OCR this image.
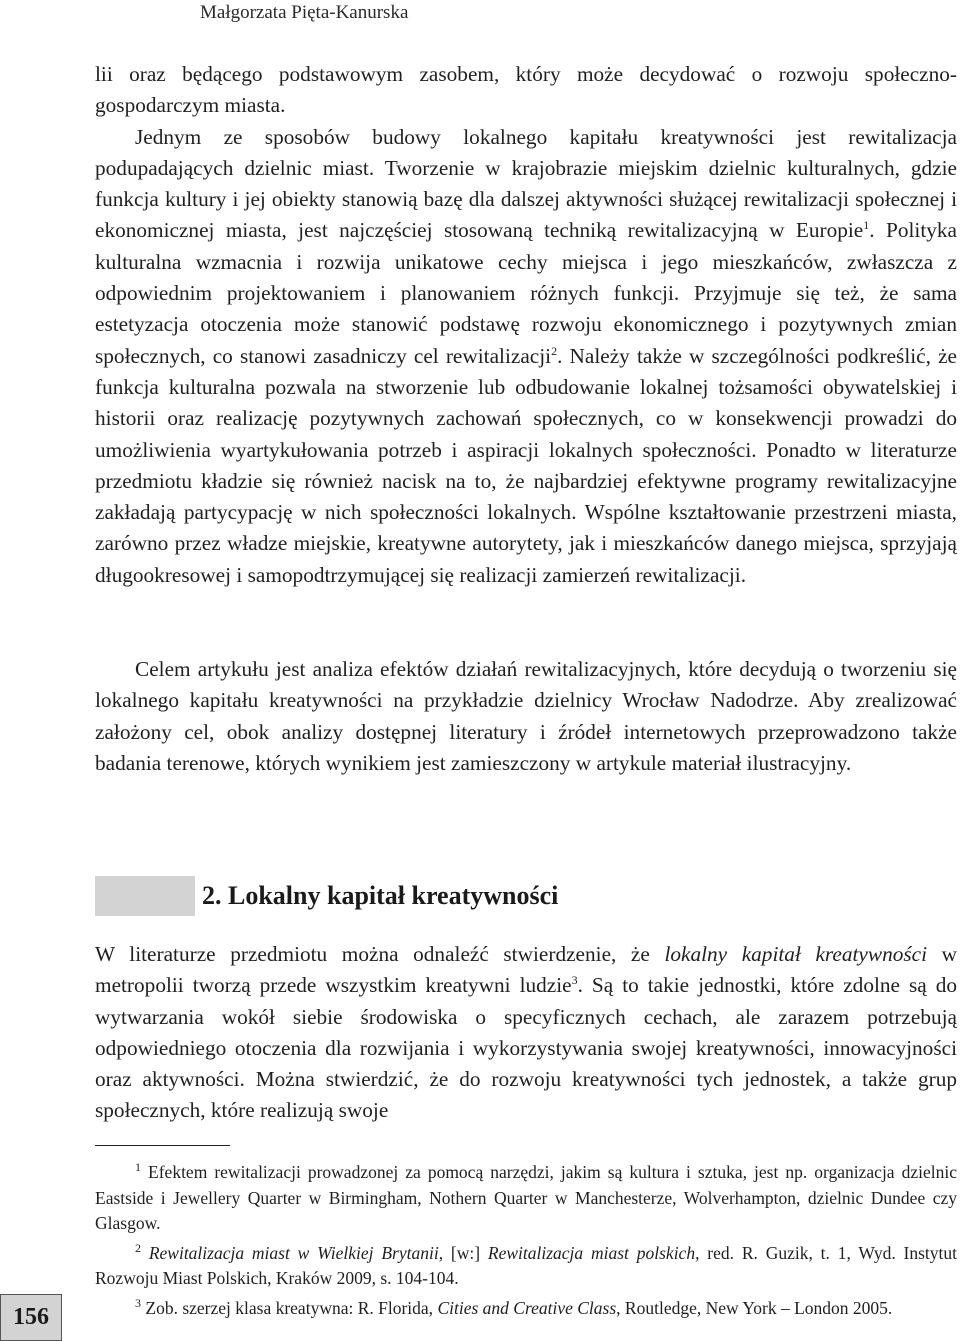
Małgorzata Pięta-Kanurska

lii oraz będącego podstawowym zasobem, który może decydować o rozwoju społeczno-gospodarczym miasta.

Jednym ze sposobów budowy lokalnego kapitału kreatywności jest rewitalizacja podupadających dzielnic miast. Tworzenie w krajobrazie miejskim dzielnic kulturalnych, gdzie funkcja kultury i jej obiekty stanowią bazę dla dalszej aktywności służącej rewitalizacji społecznej i ekonomicznej miasta, jest najczęściej stosowaną techniką rewitalizacyjną w Europie$^1$. Polityka kulturalna wzmacnia i rozwija unikatowe cechy miejsca i jego mieszkańców, zwłaszcza z odpowiednim projektowaniem i planowaniem różnych funkcji. Przyjmuje się też, że sama estetyzacja otoczenia może stanowić podstawę rozwoju ekonomicznego i pozytywnych zmian społecznych, co stanowi zasadniczy cel rewitalizacji$^2$. Należy także w szczególności podkreślić, że funkcja kulturalna pozwala na stworzenie lub odbudowanie lokalnej tożsamości obywatelskiej i historii oraz realizację pozytywnych zachowań społecznych, co w konsekwencji prowadzi do umożliwienia wyartykułowania potrzeb i aspiracji lokalnych społeczności. Ponadto w literaturze przedmiotu kładzie się również nacisk na to, że najbardziej efektywne programy rewitalizacyjne zakładają partycypację w nich społeczności lokalnych. Wspólne kształtowanie przestrzeni miasta, zarówno przez władze miejskie, kreatywne autorytety, jak i mieszkańców danego miejsca, sprzyjają długookresowej i samopodtrzymującej się realizacji zamierzeń rewitalizacji.

Celem artykułu jest analiza efektów działań rewitalizacyjnych, które decydują o tworzeniu się lokalnego kapitału kreatywności na przykładzie dzielnicy Wrocław Nadodrze. Aby zrealizować założony cel, obok analizy dostępnej literatury i źródeł internetowych przeprowadzono także badania terenowe, których wynikiem jest zamieszczony w artykule materiał ilustracyjny.

2. Lokalny kapitał kreatywności

W literaturze przedmiotu można odnaleźć stwierdzenie, że lokalny kapitał kreatywności w metropolii tworzą przede wszystkim kreatywni ludzie$^3$. Są to takie jednostki, które zdolne są do wytwarzania wokół siebie środowiska o specyficznych cechach, ale zarazem potrzebują odpowiedniego otoczenia dla rozwijania i wykorzystywania swojej kreatywności, innowacyjności oraz aktywności. Można stwierdzić, że do rozwoju kreatywności tych jednostek, a także grup społecznych, które realizują swoje

$^1$ Efektem rewitalizacji prowadzonej za pomocą narzędzi, jakim są kultura i sztuka, jest np. organizacja dzielnic Eastside i Jewellery Quarter w Birmingham, Nothern Quarter w Manchesterze, Wolverhampton, dzielnic Dundee czy Glasgow.

$^2$ Rewitalizacja miast w Wielkiej Brytanii, [w:] Rewitalizacja miast polskich, red. R. Guzik, t. 1, Wyd. Instytut Rozwoju Miast Polskich, Kraków 2009, s. 104-104.

$^3$ Zob. szerzej klasa kreatywna: R. Florida, Cities and Creative Class, Routledge, New York – London 2005.

156
